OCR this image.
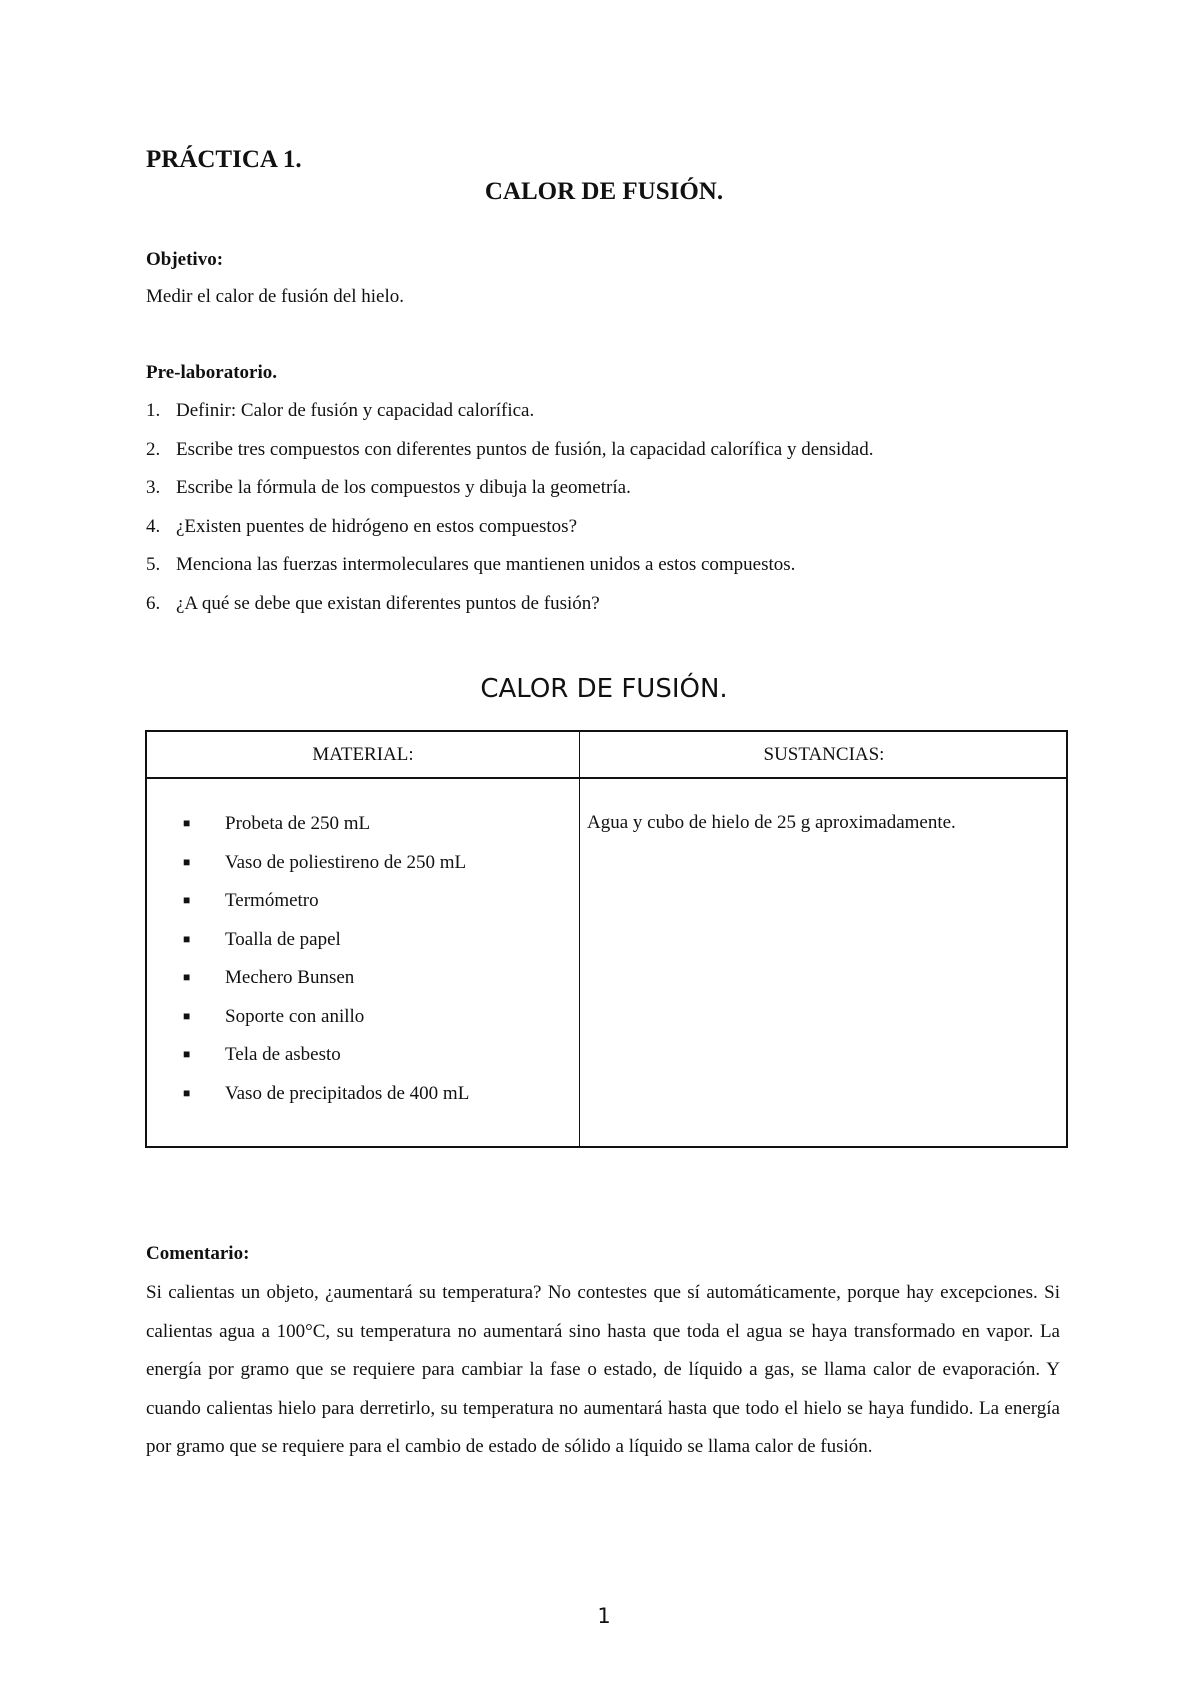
PRÁCTICA 1.
CALOR DE FUSIÓN.
Objetivo:
Medir el calor de fusión del hielo.
Pre-laboratorio.
1. Definir: Calor de fusión y capacidad calorífica.
2. Escribe tres compuestos con diferentes puntos de fusión, la capacidad calorífica y densidad.
3. Escribe la fórmula de los compuestos y dibuja la geometría.
4. ¿Existen puentes de hidrógeno en estos compuestos?
5. Menciona las fuerzas intermoleculares que mantienen unidos a estos compuestos.
6. ¿A qué se debe que existan diferentes puntos de fusión?
CALOR DE FUSIÓN.
MATERIAL:	SUSTANCIAS:
■ Probeta de 250 mL
■ Vaso de poliestireno de 250 mL
■ Termómetro
■ Toalla de papel
■ Mechero Bunsen
■ Soporte con anillo
■ Tela de asbesto
■ Vaso de precipitados de 400 mL
Agua y cubo de hielo de 25 g aproximadamente.
Comentario:
Si calientas un objeto, ¿aumentará su temperatura? No contestes que sí automáticamente, porque hay excepciones. Si calientas agua a 100°C, su temperatura no aumentará sino hasta que toda el agua se haya transformado en vapor. La energía por gramo que se requiere para cambiar la fase o estado, de líquido a gas, se llama calor de evaporación. Y cuando calientas hielo para derretirlo, su temperatura no aumentará hasta que todo el hielo se haya fundido. La energía por gramo que se requiere para el cambio de estado de sólido a líquido se llama calor de fusión.
1
